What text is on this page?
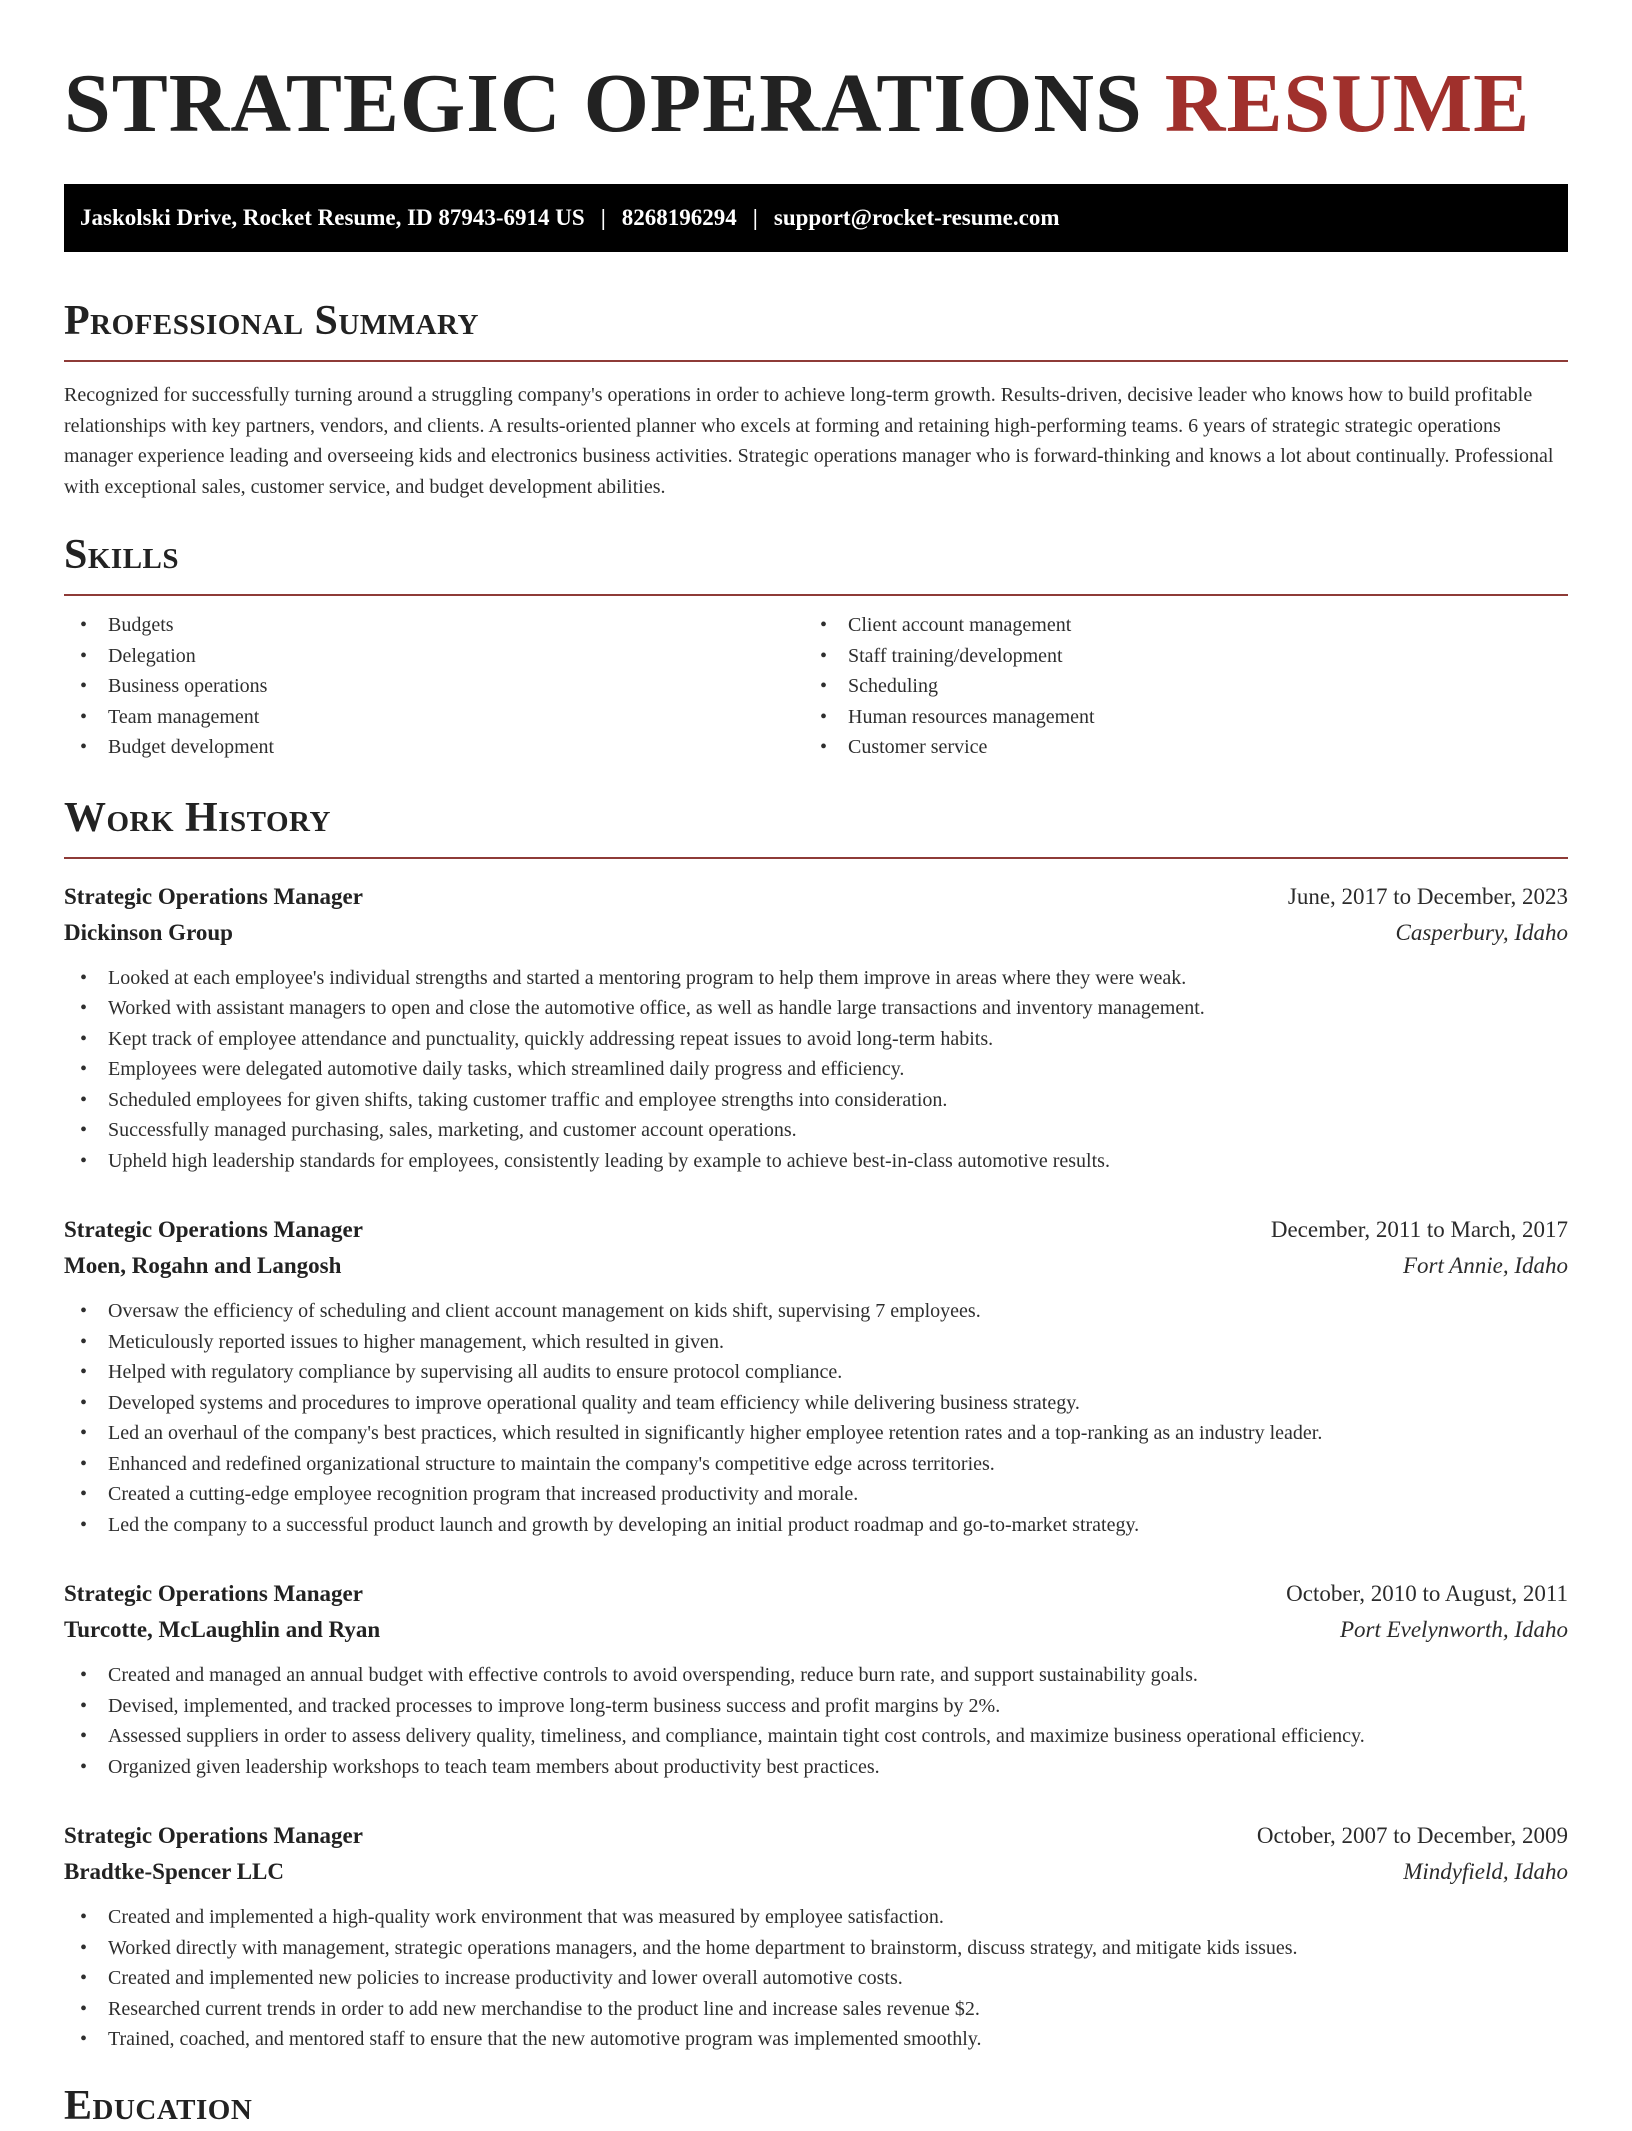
STRATEGIC OPERATIONS RESUME
Jaskolski Drive, Rocket Resume, ID 87943-6914 US | 8268196294 | support@rocket-resume.com
Professional Summary

Recognized for successfully turning around a struggling company's operations in order to achieve long-term growth. Results-driven, decisive leader who knows how to build profitable relationships with key partners, vendors, and clients. A results-oriented planner who excels at forming and retaining high-performing teams. 6 years of strategic strategic operations manager experience leading and overseeing kids and electronics business activities. Strategic operations manager who is forward-thinking and knows a lot about continually. Professional with exceptional sales, customer service, and budget development abilities.

Skills
• Budgets
• Delegation
• Business operations
• Team management
• Budget development
• Client account management
• Staff training/development
• Scheduling
• Human resources management
• Customer service
Work History
Strategic Operations Manager	June, 2017 to December, 2023
Dickinson Group	Casperbury, Idaho
• Looked at each employee's individual strengths and started a mentoring program to help them improve in areas where they were weak.
• Worked with assistant managers to open and close the automotive office, as well as handle large transactions and inventory management.
• Kept track of employee attendance and punctuality, quickly addressing repeat issues to avoid long-term habits.
• Employees were delegated automotive daily tasks, which streamlined daily progress and efficiency.
• Scheduled employees for given shifts, taking customer traffic and employee strengths into consideration.
• Successfully managed purchasing, sales, marketing, and customer account operations.
• Upheld high leadership standards for employees, consistently leading by example to achieve best-in-class automotive results.
Strategic Operations Manager	December, 2011 to March, 2017
Moen, Rogahn and Langosh	Fort Annie, Idaho
• Oversaw the efficiency of scheduling and client account management on kids shift, supervising 7 employees.
• Meticulously reported issues to higher management, which resulted in given.
• Helped with regulatory compliance by supervising all audits to ensure protocol compliance.
• Developed systems and procedures to improve operational quality and team efficiency while delivering business strategy.
• Led an overhaul of the company's best practices, which resulted in significantly higher employee retention rates and a top-ranking as an industry leader.
• Enhanced and redefined organizational structure to maintain the company's competitive edge across territories.
• Created a cutting-edge employee recognition program that increased productivity and morale.
• Led the company to a successful product launch and growth by developing an initial product roadmap and go-to-market strategy.
Strategic Operations Manager	October, 2010 to August, 2011
Turcotte, McLaughlin and Ryan	Port Evelynworth, Idaho
• Created and managed an annual budget with effective controls to avoid overspending, reduce burn rate, and support sustainability goals.
• Devised, implemented, and tracked processes to improve long-term business success and profit margins by 2%.
• Assessed suppliers in order to assess delivery quality, timeliness, and compliance, maintain tight cost controls, and maximize business operational efficiency.
• Organized given leadership workshops to teach team members about productivity best practices.
Strategic Operations Manager	October, 2007 to December, 2009
Bradtke-Spencer LLC	Mindyfield, Idaho
• Created and implemented a high-quality work environment that was measured by employee satisfaction.
• Worked directly with management, strategic operations managers, and the home department to brainstorm, discuss strategy, and mitigate kids issues.
• Created and implemented new policies to increase productivity and lower overall automotive costs.
• Researched current trends in order to add new merchandise to the product line and increase sales revenue $2.
• Trained, coached, and mentored staff to ensure that the new automotive program was implemented smoothly.
Education
